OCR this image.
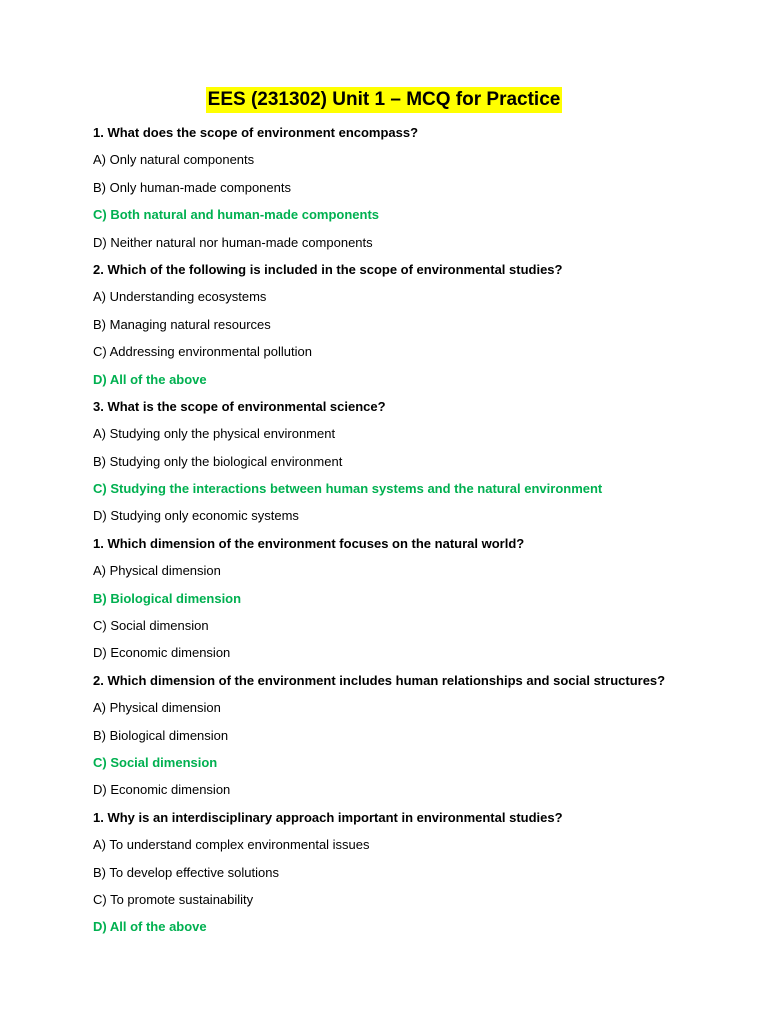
EES (231302) Unit 1 – MCQ for Practice
1. What does the scope of environment encompass?
A) Only natural components
B) Only human-made components
C) Both natural and human-made components
D) Neither natural nor human-made components
2. Which of the following is included in the scope of environmental studies?
A) Understanding ecosystems
B) Managing natural resources
C) Addressing environmental pollution
D) All of the above
3. What is the scope of environmental science?
A) Studying only the physical environment
B) Studying only the biological environment
C) Studying the interactions between human systems and the natural environment
D) Studying only economic systems
1. Which dimension of the environment focuses on the natural world?
A) Physical dimension
B) Biological dimension
C) Social dimension
D) Economic dimension
2. Which dimension of the environment includes human relationships and social structures?
A) Physical dimension
B) Biological dimension
C) Social dimension
D) Economic dimension
1. Why is an interdisciplinary approach important in environmental studies?
A) To understand complex environmental issues
B) To develop effective solutions
C) To promote sustainability
D) All of the above
